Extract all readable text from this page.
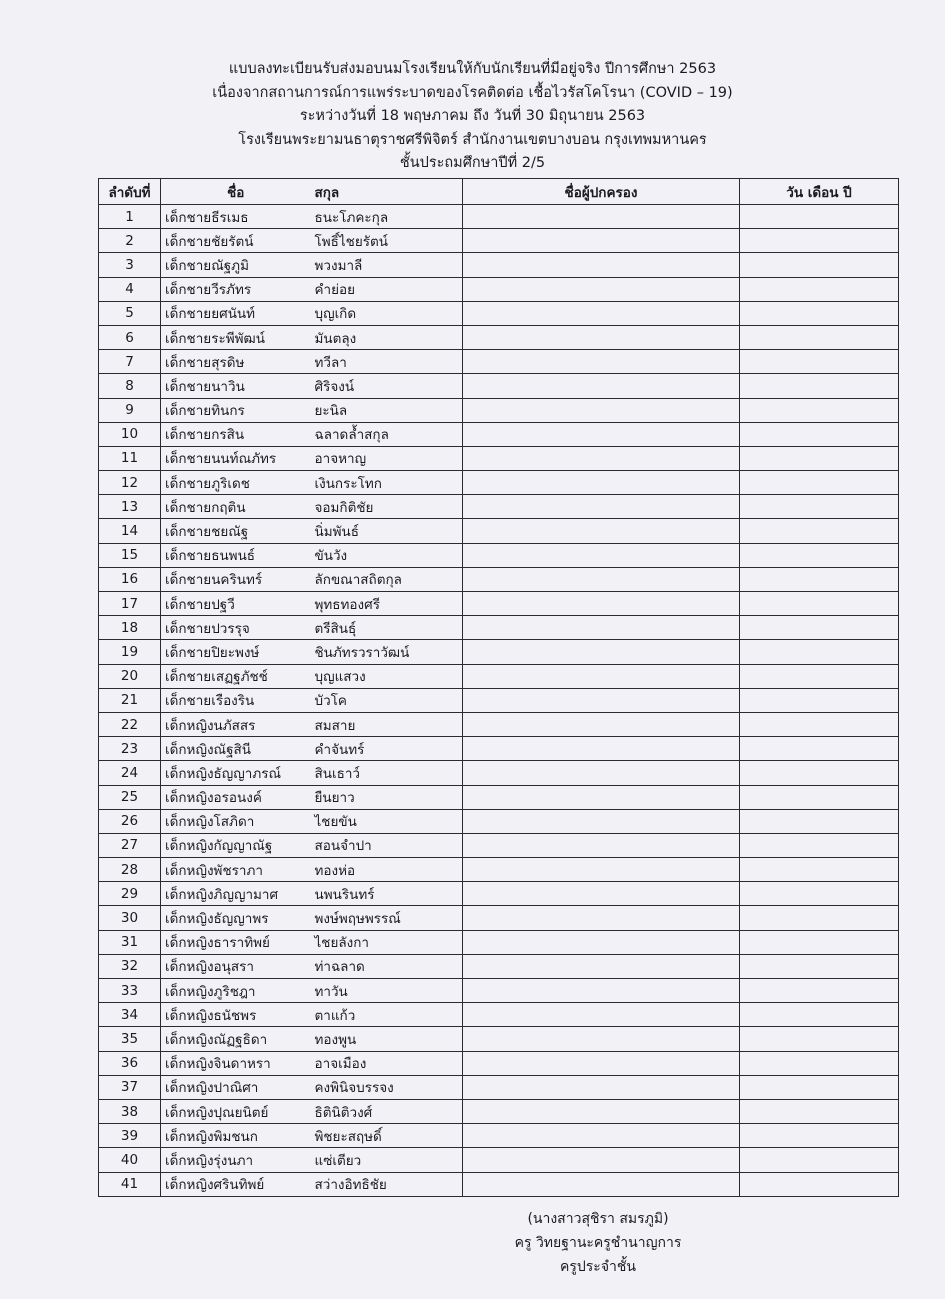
แบบลงทะเบียนรับส่งมอบนมโรงเรียนให้กับนักเรียนที่มีอยู่จริง ปีการศึกษา 2563
เนื่องจากสถานการณ์การแพร่ระบาดของโรคติดต่อ เชื้อไวรัสโคโรนา (COVID – 19)
ระหว่างวันที่ 18 พฤษภาคม ถึง วันที่ 30 มิถุนายน 2563
โรงเรียนพระยามนธาตุราชศรีพิจิตร์ สำนักงานเขตบางบอน กรุงเทพมหานคร
ชั้นประถมศึกษาปีที่ 2/5
ลำดับที่	ชื่อ	สกุล	ชื่อผู้ปกครอง	วัน เดือน ปี
1	เด็กชายธีรเมธ	ธนะโภคะกุล		
2	เด็กชายชัยรัตน์	โพธิ์ไชยรัตน์		
3	เด็กชายณัฐภูมิ	พวงมาลี		
4	เด็กชายวีรภัทร	คำย่อย		
5	เด็กชายยศนันท์	บุญเกิด		
6	เด็กชายระพีพัฒน์	มันตลุง		
7	เด็กชายสุรดิษ	ทวีลา		
8	เด็กชายนาวิน	ศิริจงน์		
9	เด็กชายทินกร	ยะนิล		
10	เด็กชายกรสิน	ฉลาดล้ำสกุล		
11	เด็กชายนนท์ณภัทร	อาจหาญ		
12	เด็กชายภูริเดช	เงินกระโทก		
13	เด็กชายกฤติน	จอมกิติชัย		
14	เด็กชายชยณัฐ	นิ่มพันธ์		
15	เด็กชายธนพนธ์	ขันวัง		
16	เด็กชายนครินทร์	ลักขณาสถิตกุล		
17	เด็กชายปฐวี	พุทธทองศรี		
18	เด็กชายปวรรุจ	ตรีสินธุ์		
19	เด็กชายปิยะพงษ์	ชินภัทรวราวัฒน์		
20	เด็กชายเสฏฐภัชช์	บุญแสวง		
21	เด็กชายเรืองริน	บัวโค		
22	เด็กหญิงนภัสสร	สมสาย		
23	เด็กหญิงณัฐสินี	คำจันทร์		
24	เด็กหญิงธัญญาภรณ์	สินเธาว์		
25	เด็กหญิงอรอนงค์	ยืนยาว		
26	เด็กหญิงโสภิดา	ไชยขัน		
27	เด็กหญิงกัญญาณัฐ	สอนจำปา		
28	เด็กหญิงพัชราภา	ทองห่อ		
29	เด็กหญิงภิญญามาศ	นพนรินทร์		
30	เด็กหญิงธัญญาพร	พงษ์พฤษพรรณ์		
31	เด็กหญิงธาราทิพย์	ไชยลังกา		
32	เด็กหญิงอนุสรา	ท่าฉลาด		
33	เด็กหญิงภูริชฎา	ทาวัน		
34	เด็กหญิงธนัชพร	ตาแก้ว		
35	เด็กหญิงณัฏฐธิดา	ทองพูน		
36	เด็กหญิงจินดาหรา	อาจเมือง		
37	เด็กหญิงปาณิศา	คงพินิจบรรจง		
38	เด็กหญิงปุณยนิตย์	ธิตินิติวงศ์		
39	เด็กหญิงพิมชนก	พิชยะสฤษดิ์		
40	เด็กหญิงรุ่งนภา	แซ่เตียว		
41	เด็กหญิงศรินทิพย์	สว่างอิทธิชัย		
(นางสาวสุชิรา สมรภูมิ)
ครู วิทยฐานะครูชำนาญการ
ครูประจำชั้น
